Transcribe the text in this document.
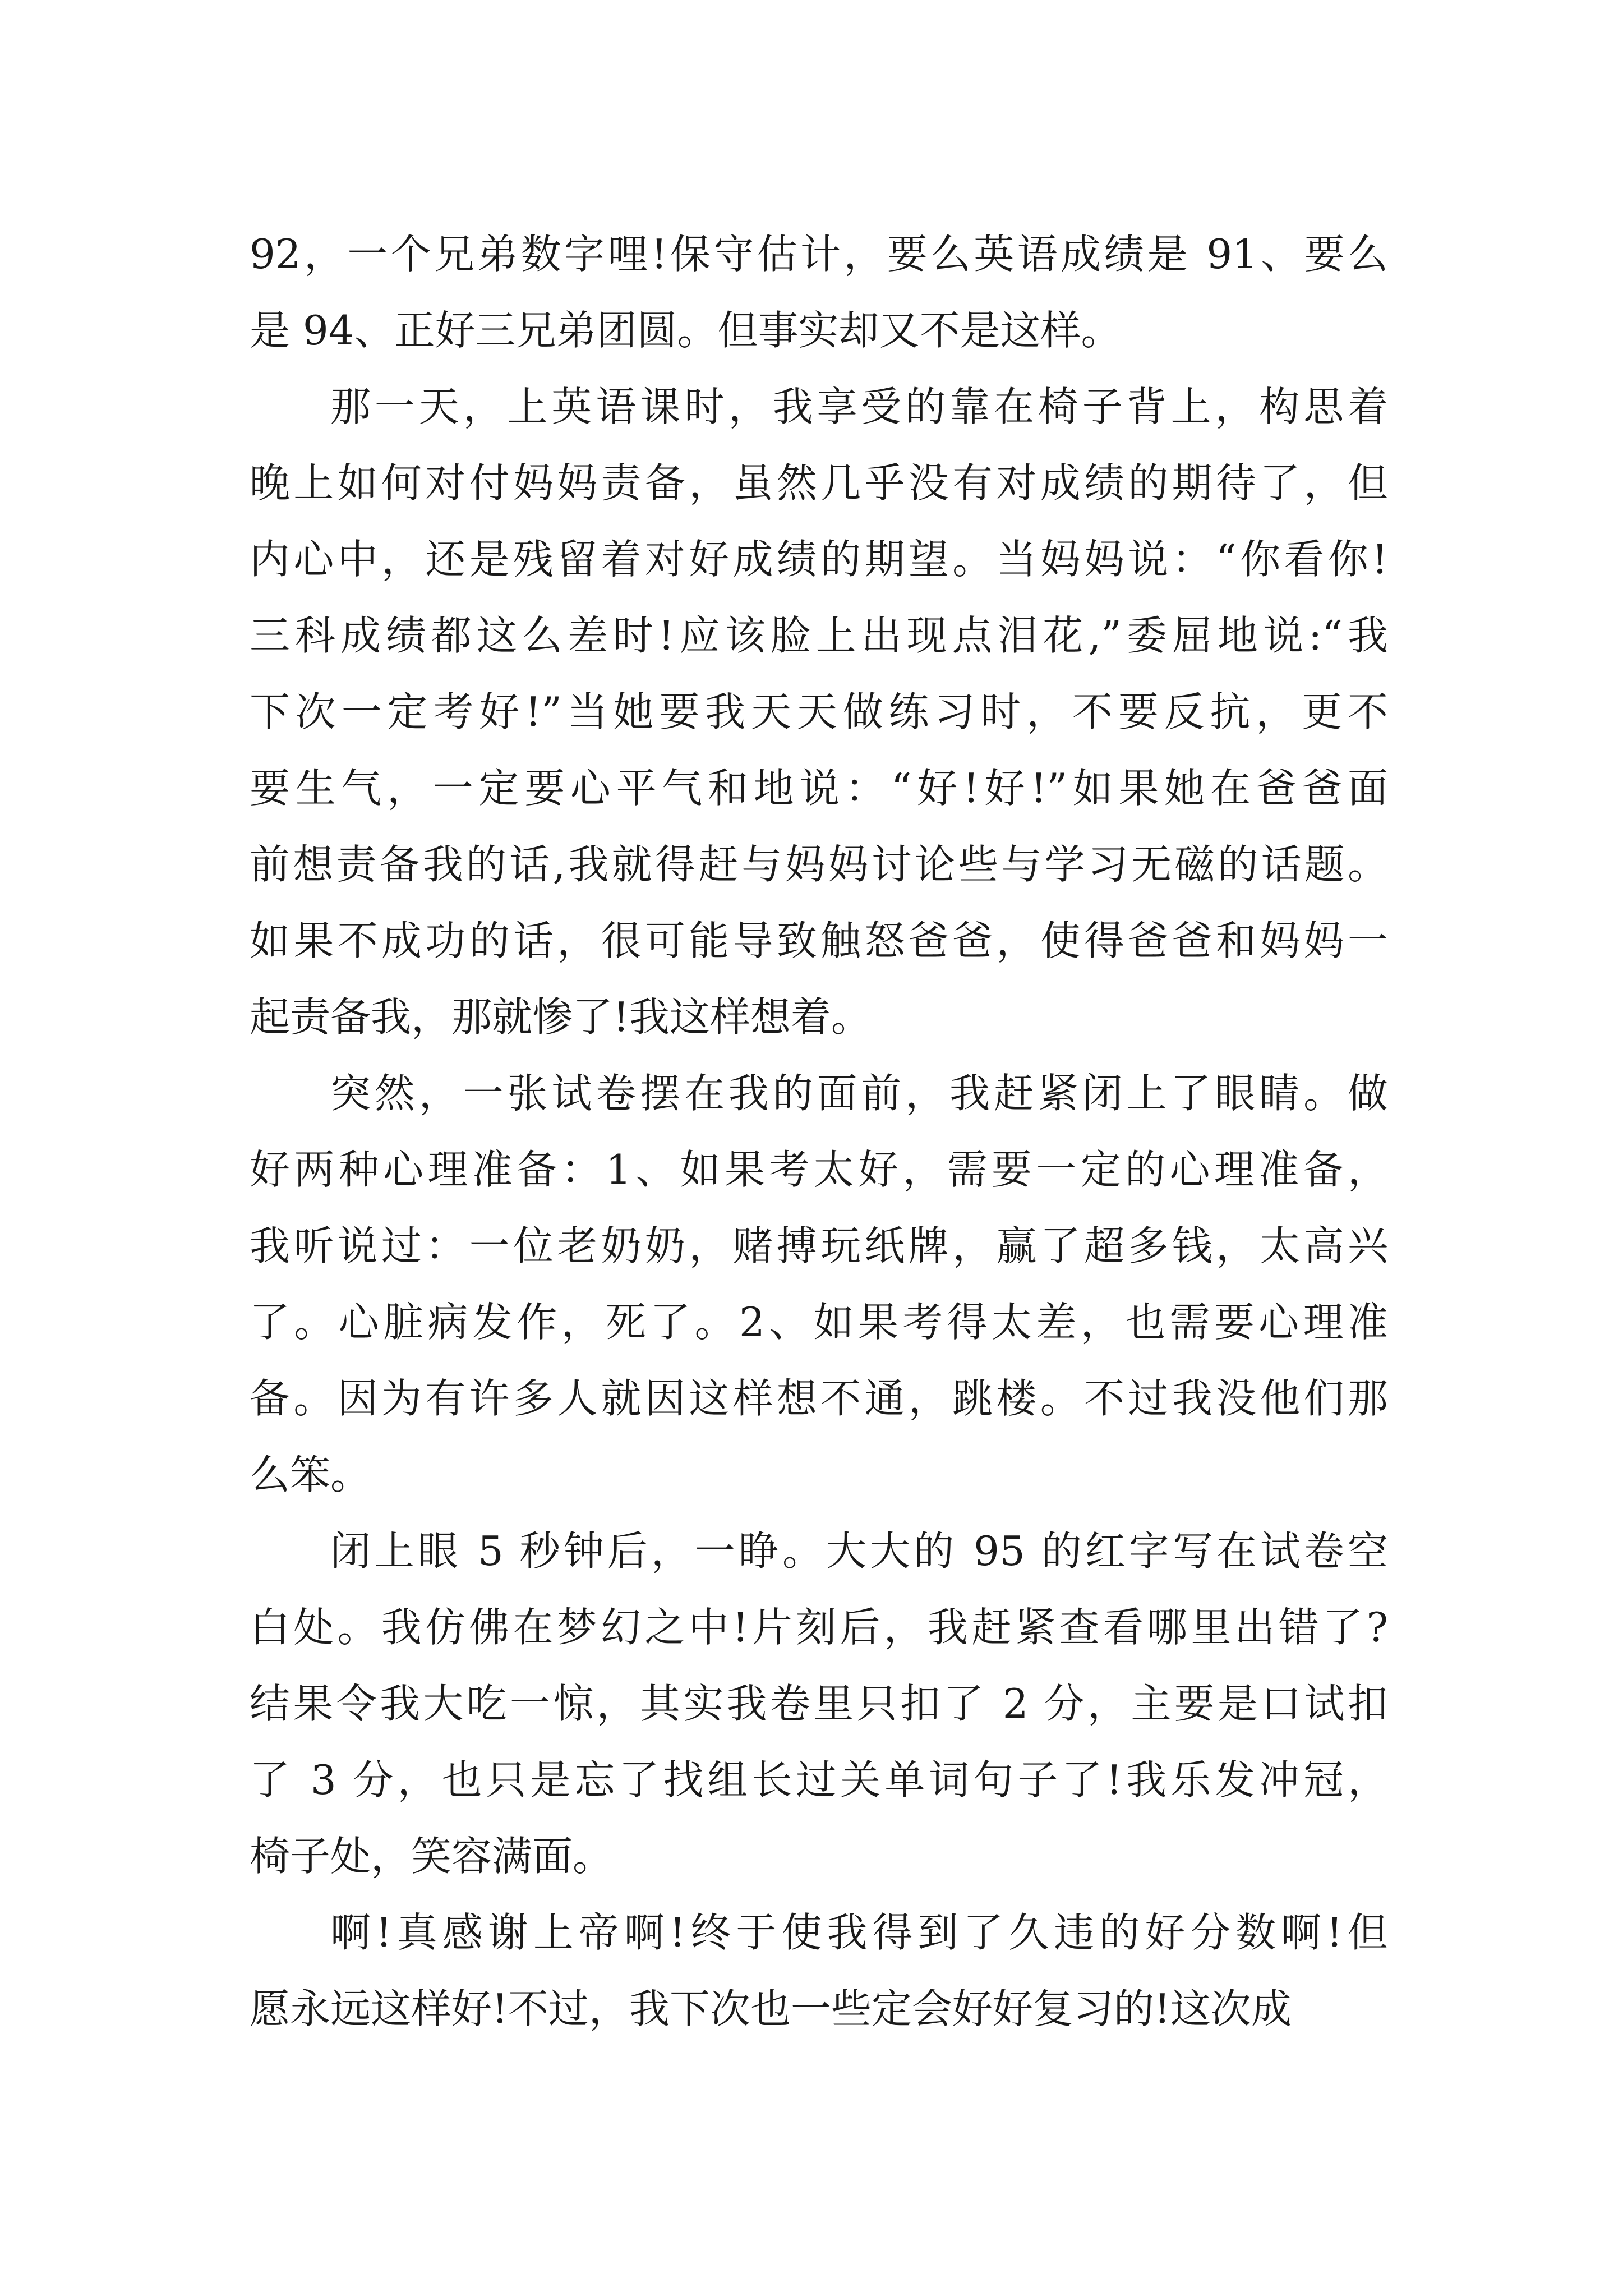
92，一个兄弟数字哩!保守估计，要么英语成绩是 91、要么
是 94、正好三兄弟团圆。但事实却又不是这样。

那一天，上英语课时，我享受的靠在椅子背上，构思着
晚上如何对付妈妈责备，虽然几乎没有对成绩的期待了，但
内心中，还是残留着对好成绩的期望。当妈妈说：“你看你!
三科成绩都这么差时!应该脸上出现点泪花,”委屈地说:“我
下次一定考好!”当她要我天天做练习时，不要反抗，更不
要生气，一定要心平气和地说：“好!好!”如果她在爸爸面
前想责备我的话,我就得赶与妈妈讨论些与学习无磁的话题。
如果不成功的话，很可能导致触怒爸爸，使得爸爸和妈妈一
起责备我，那就惨了!我这样想着。

突然，一张试卷摆在我的面前，我赶紧闭上了眼睛。做
好两种心理准备：1、如果考太好，需要一定的心理准备，
我听说过：一位老奶奶，赌搏玩纸牌，赢了超多钱，太高兴
了。心脏病发作，死了。2、如果考得太差，也需要心理准
备。因为有许多人就因这样想不通，跳楼。不过我没他们那
么笨。

闭上眼 5 秒钟后，一睁。大大的 95 的红字写在试卷空
白处。我仿佛在梦幻之中!片刻后，我赶紧查看哪里出错了?
结果令我大吃一惊，其实我卷里只扣了 2 分，主要是口试扣
了 3 分，也只是忘了找组长过关单词句子了!我乐发冲冠，
椅子处，笑容满面。

啊!真感谢上帝啊!终于使我得到了久违的好分数啊!但
愿永远这样好!不过，我下次也一些定会好好复习的!这次成
